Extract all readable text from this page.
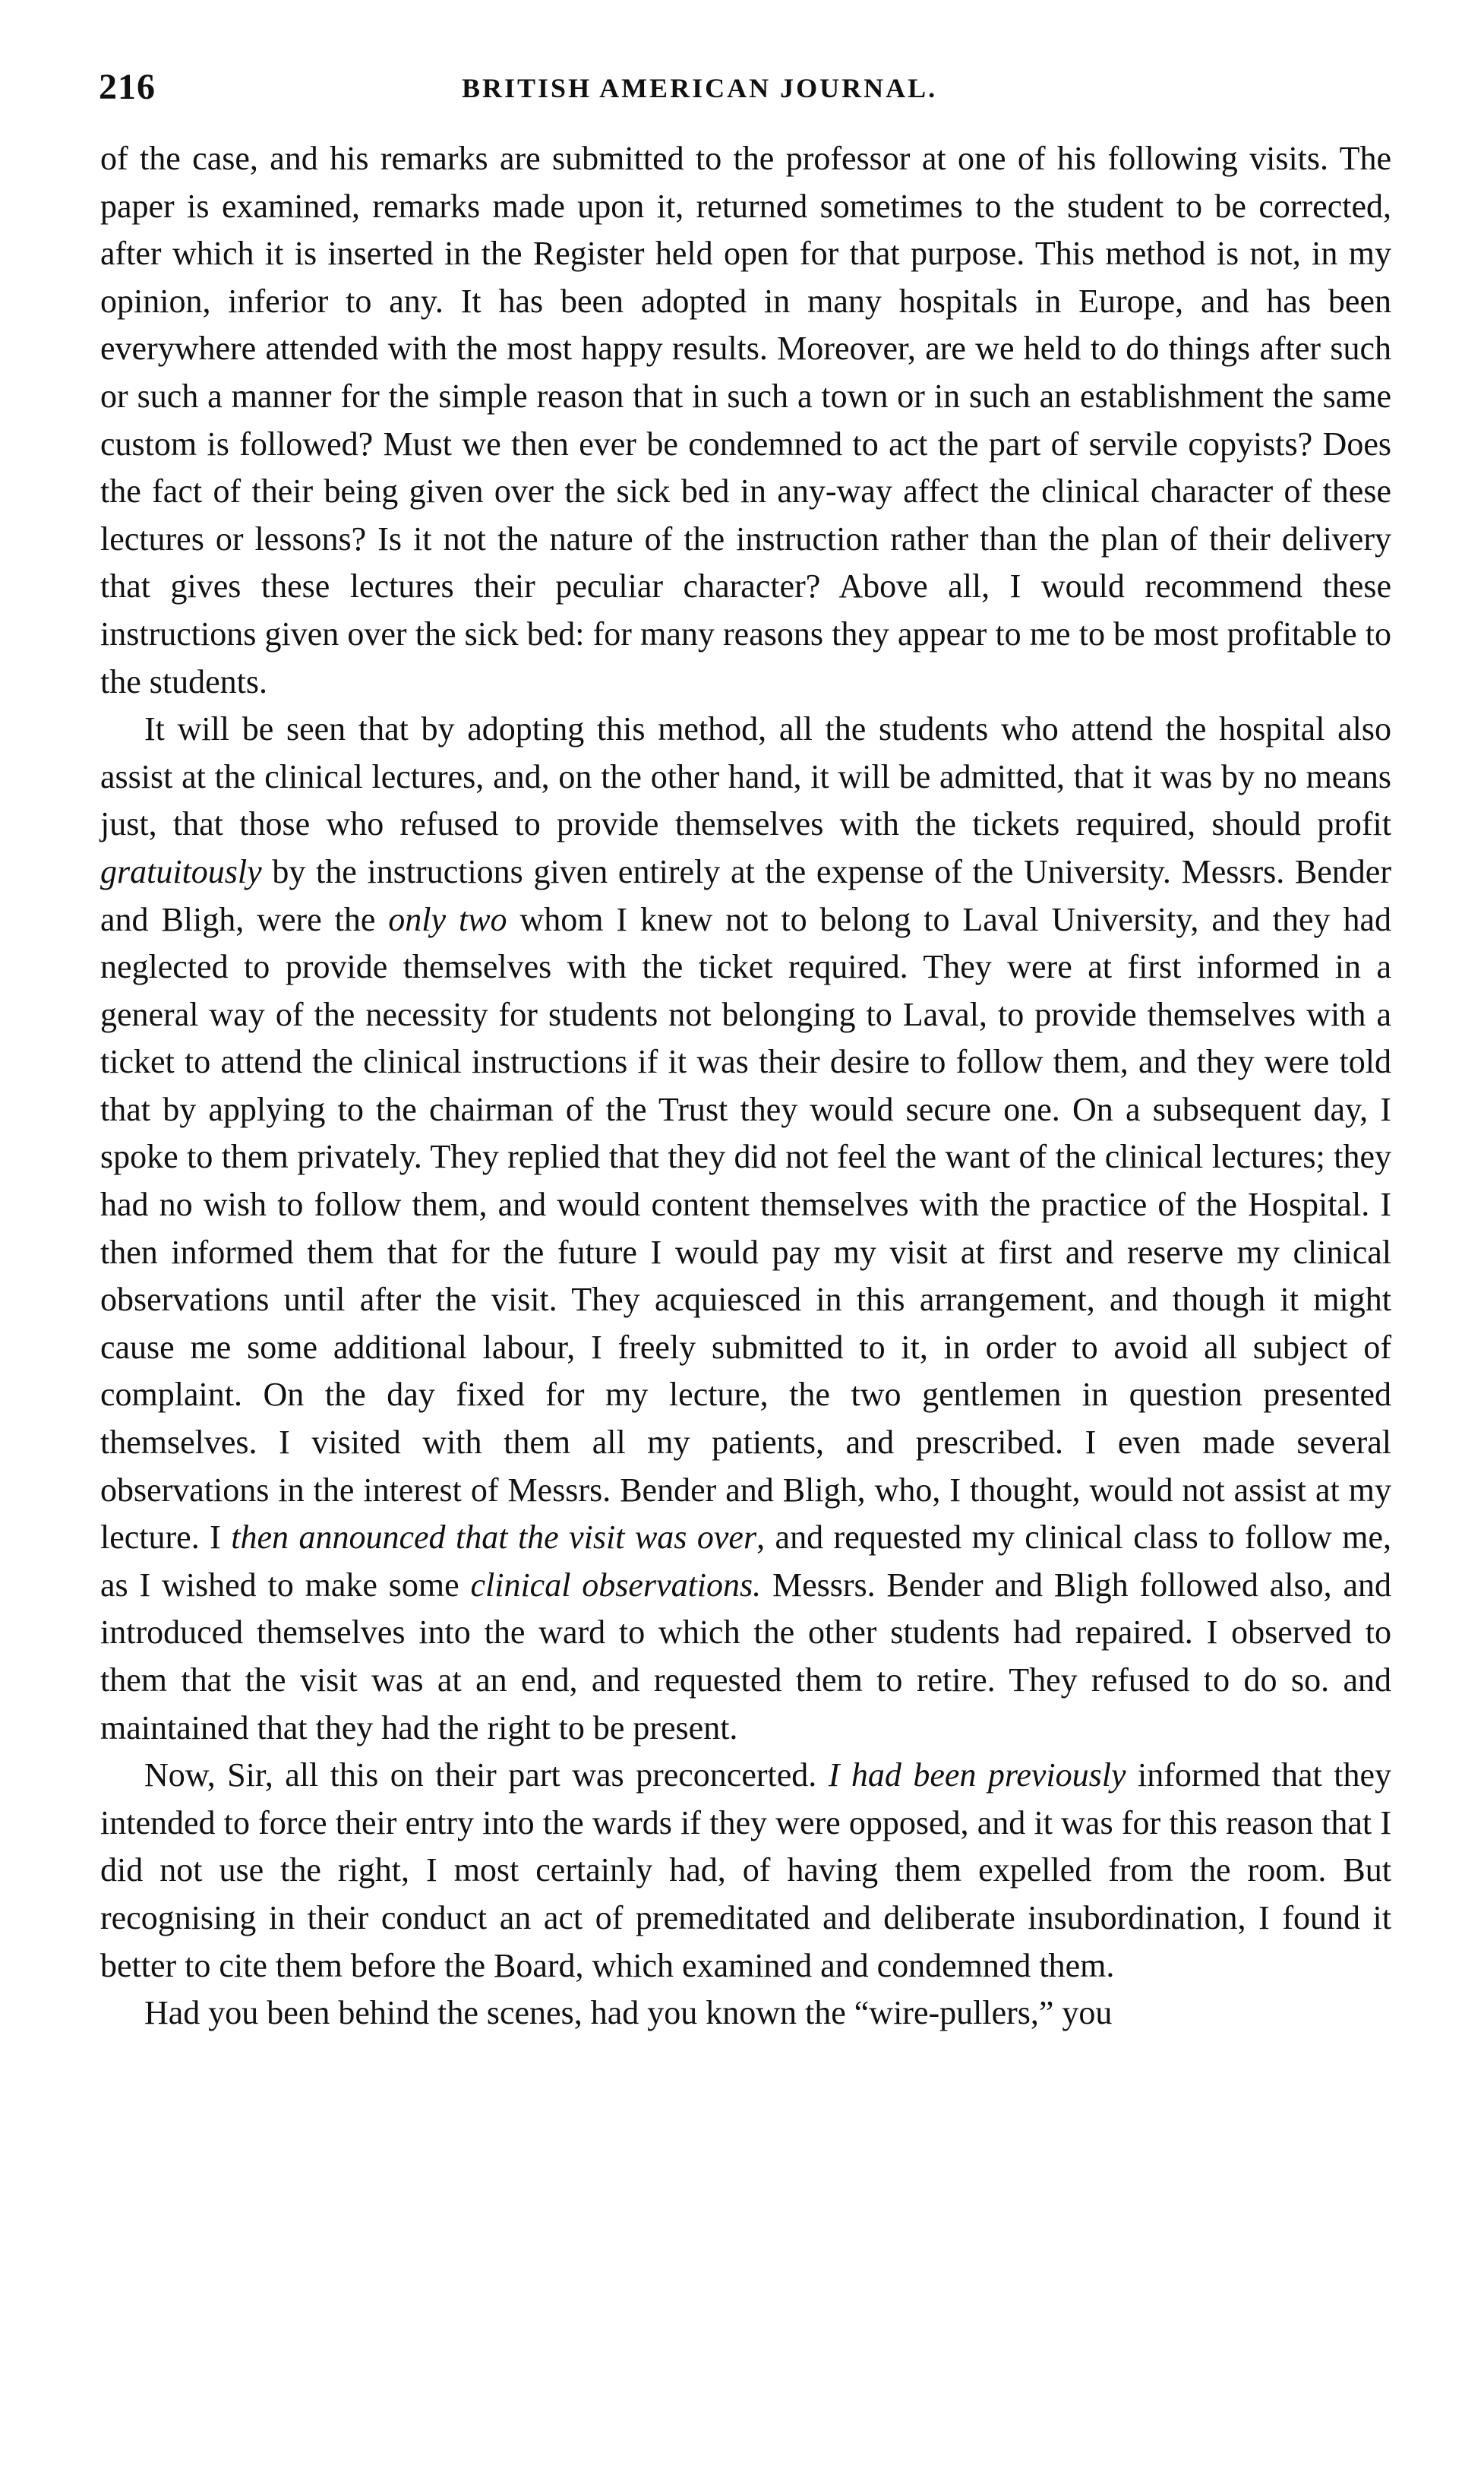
216	BRITISH AMERICAN JOURNAL.

of the case, and his remarks are submitted to the professor at one of his following visits. The paper is examined, remarks made upon it, returned sometimes to the student to be corrected, after which it is inserted in the Register held open for that purpose. This method is not, in my opinion, inferior to any. It has been adopted in many hospitals in Europe, and has been everywhere attended with the most happy results. Moreover, are we held to do things after such or such a manner for the simple reason that in such a town or in such an establishment the same custom is followed? Must we then ever be condemned to act the part of servile copyists? Does the fact of their being given over the sick bed in any-way affect the clinical character of these lectures or lessons? Is it not the nature of the instruction rather than the plan of their delivery that gives these lectures their peculiar character? Above all, I would recommend these instructions given over the sick bed: for many reasons they appear to me to be most profitable to the students.

It will be seen that by adopting this method, all the students who attend the hospital also assist at the clinical lectures, and, on the other hand, it will be admitted, that it was by no means just, that those who refused to provide themselves with the tickets required, should profit gratuitously by the instructions given entirely at the expense of the University. Messrs. Bender and Bligh, were the only two whom I knew not to belong to Laval University, and they had neglected to provide themselves with the ticket required. They were at first informed in a general way of the necessity for students not belonging to Laval, to provide themselves with a ticket to attend the clinical instructions if it was their desire to follow them, and they were told that by applying to the chairman of the Trust they would secure one. On a subsequent day, I spoke to them privately. They replied that they did not feel the want of the clinical lectures; they had no wish to follow them, and would content themselves with the practice of the Hospital. I then informed them that for the future I would pay my visit at first and reserve my clinical observations until after the visit. They acquiesced in this arrangement, and though it might cause me some additional labour, I freely submitted to it, in order to avoid all subject of complaint. On the day fixed for my lecture, the two gentlemen in question presented themselves. I visited with them all my patients, and prescribed. I even made several observations in the interest of Messrs. Bender and Bligh, who, I thought, would not assist at my lecture. I then announced that the visit was over, and requested my clinical class to follow me, as I wished to make some clinical observations. Messrs. Bender and Bligh followed also, and introduced themselves into the ward to which the other students had repaired. I observed to them that the visit was at an end, and requested them to retire. They refused to do so. and maintained that they had the right to be present.

Now, Sir, all this on their part was preconcerted. I had been previously informed that they intended to force their entry into the wards if they were opposed, and it was for this reason that I did not use the right, I most certainly had, of having them expelled from the room. But recognising in their conduct an act of premeditated and deliberate insubordination, I found it better to cite them before the Board, which examined and condemned them.

Had you been behind the scenes, had you known the “wire-pullers,” you
